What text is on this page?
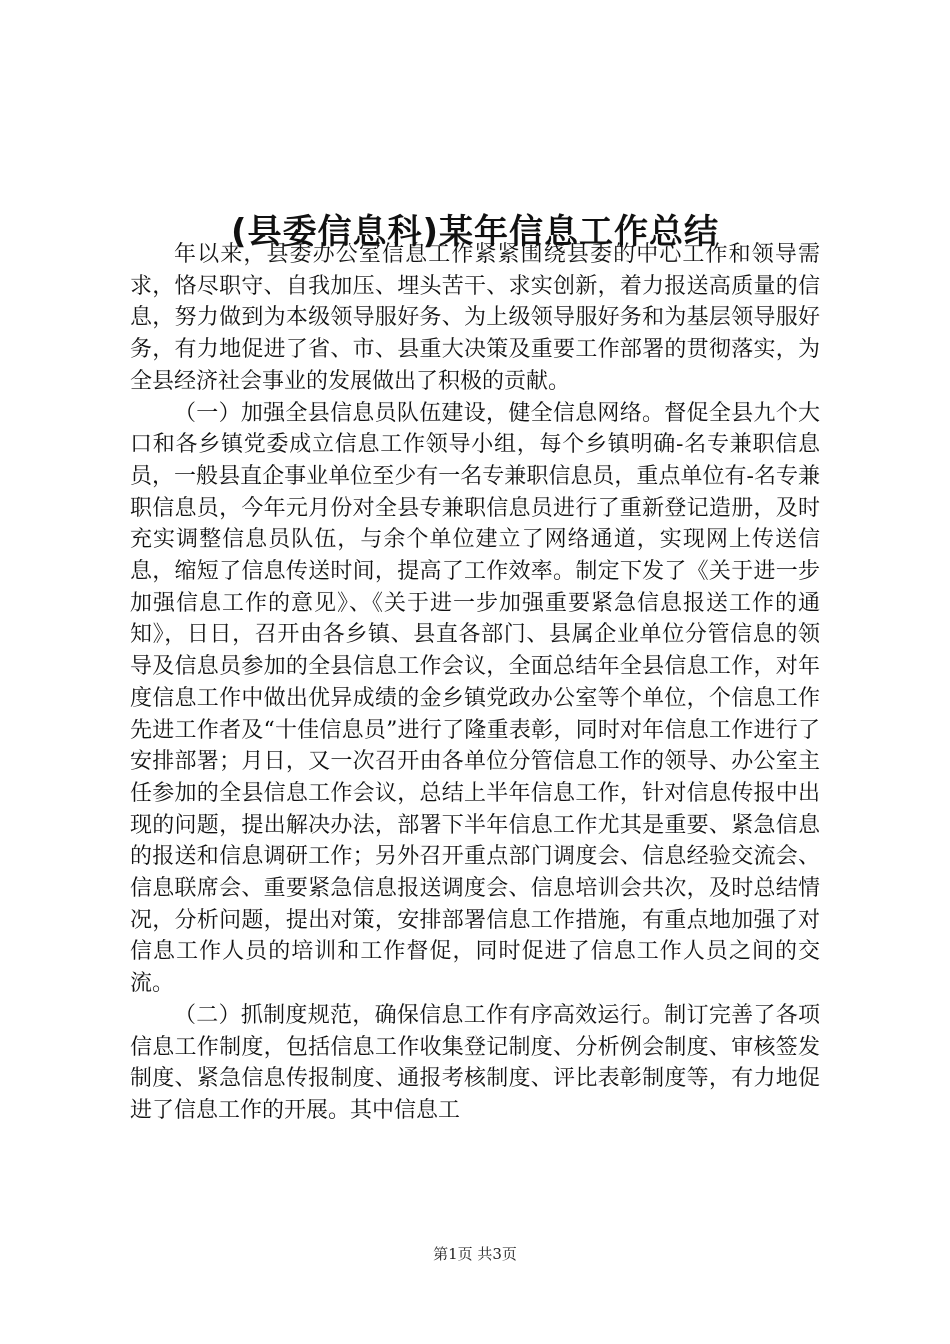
(县委信息科)某年信息工作总结

年以来，县委办公室信息工作紧紧围绕县委的中心工作和领导需求，恪尽职守、自我加压、埋头苦干、求实创新，着力报送高质量的信息，努力做到为本级领导服好务、为上级领导服好务和为基层领导服好务，有力地促进了省、市、县重大决策及重要工作部署的贯彻落实，为全县经济社会事业的发展做出了积极的贡献。

（一）加强全县信息员队伍建设，健全信息网络。督促全县九个大口和各乡镇党委成立信息工作领导小组，每个乡镇明确-名专兼职信息员，一般县直企事业单位至少有一名专兼职信息员，重点单位有-名专兼职信息员，今年元月份对全县专兼职信息员进行了重新登记造册，及时充实调整信息员队伍，与余个单位建立了网络通道，实现网上传送信息，缩短了信息传送时间，提高了工作效率。制定下发了《关于进一步加强信息工作的意见》、《关于进一步加强重要紧急信息报送工作的通知》，日日，召开由各乡镇、县直各部门、县属企业单位分管信息的领导及信息员参加的全县信息工作会议，全面总结年全县信息工作，对年度信息工作中做出优异成绩的金乡镇党政办公室等个单位，个信息工作先进工作者及“十佳信息员”进行了隆重表彰，同时对年信息工作进行了安排部署；月日，又一次召开由各单位分管信息工作的领导、办公室主任参加的全县信息工作会议，总结上半年信息工作，针对信息传报中出现的问题，提出解决办法，部署下半年信息工作尤其是重要、紧急信息的报送和信息调研工作；另外召开重点部门调度会、信息经验交流会、信息联席会、重要紧急信息报送调度会、信息培训会共次，及时总结情况，分析问题，提出对策，安排部署信息工作措施，有重点地加强了对信息工作人员的培训和工作督促，同时促进了信息工作人员之间的交流。

（二）抓制度规范，确保信息工作有序高效运行。制订完善了各项信息工作制度，包括信息工作收集登记制度、分析例会制度、审核签发制度、紧急信息传报制度、通报考核制度、评比表彰制度等，有力地促进了信息工作的开展。其中信息工

第1页 共3页
